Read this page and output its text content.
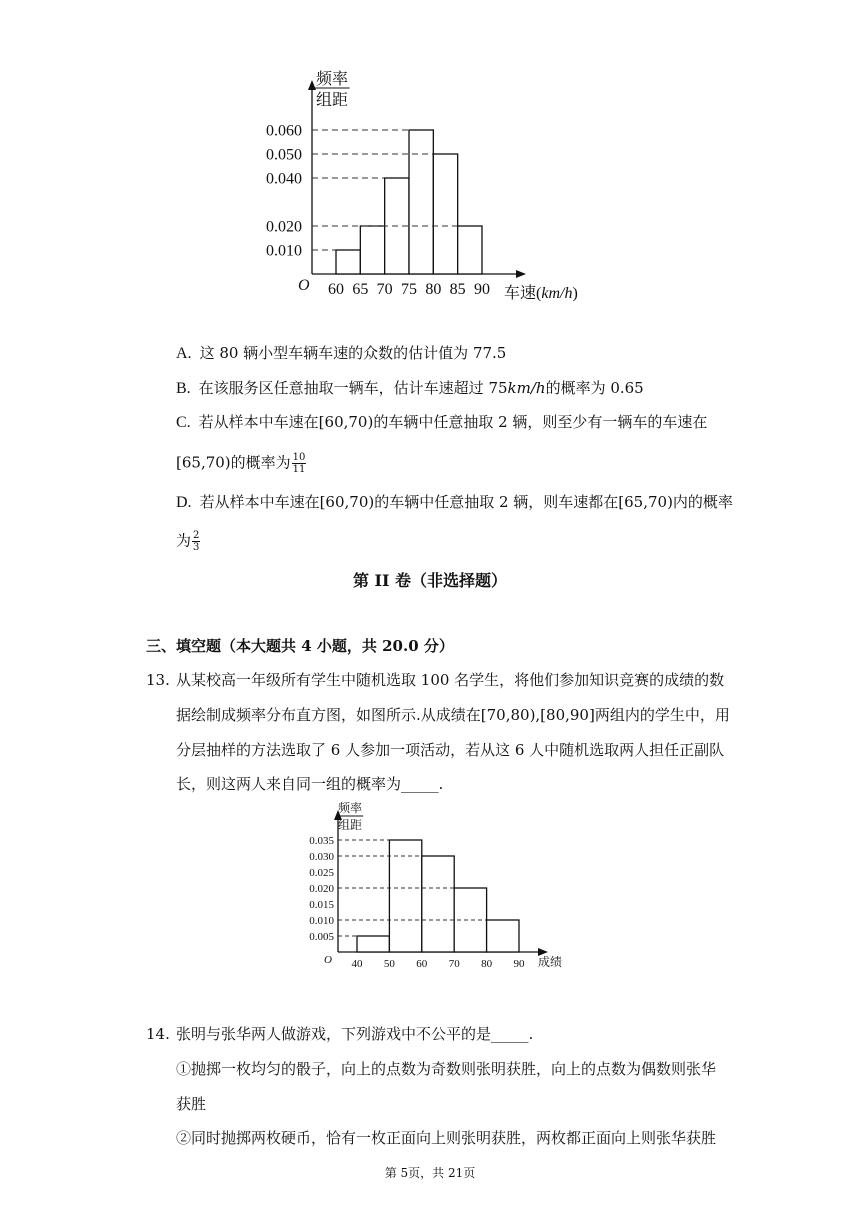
0.060
0.050
0.040
0.020
0.010
60 65 70 75 80 85 90
O
频率
组距
车速(km/h)
A. 这 80 辆小型车辆车速的众数的估计值为 77.5
B. 在该服务区任意抽取一辆车，估计车速超过 75km/h的概率为 0.65
C. 若从样本中车速在[60,70)的车辆中任意抽取 2 辆，则至少有一辆车的车速在
[65,70)的概率为 $\frac{10}{11}$
D. 若从样本中车速在[60,70)的车辆中任意抽取 2 辆，则车速都在[65,70)内的概率
为 $\frac{2}{3}$
第 II 卷（非选择题）
三、填空题（本大题共 4 小题，共 20.0 分）
13. 从某校高一年级所有学生中随机选取 100 名学生，将他们参加知识竞赛的成绩的数
据绘制成频率分布直方图，如图所示.从成绩在[70,80),[80,90]两组内的学生中，用
分层抽样的方法选取了 6 人参加一项活动，若从这 6 人中随机选取两人担任正副队
长，则这两人来自同一组的概率为_____.
0.035
0.030
0.025
0.020
0.015
0.010
0.005
40 50 60 70 80 90
O
频率
组距
成绩
14. 张明与张华两人做游戏，下列游戏中不公平的是_____.
①抛掷一枚均匀的骰子，向上的点数为奇数则张明获胜，向上的点数为偶数则张华
获胜
②同时抛掷两枚硬币，恰有一枚正面向上则张明获胜，两枚都正面向上则张华获胜
第 5页，共 21页
